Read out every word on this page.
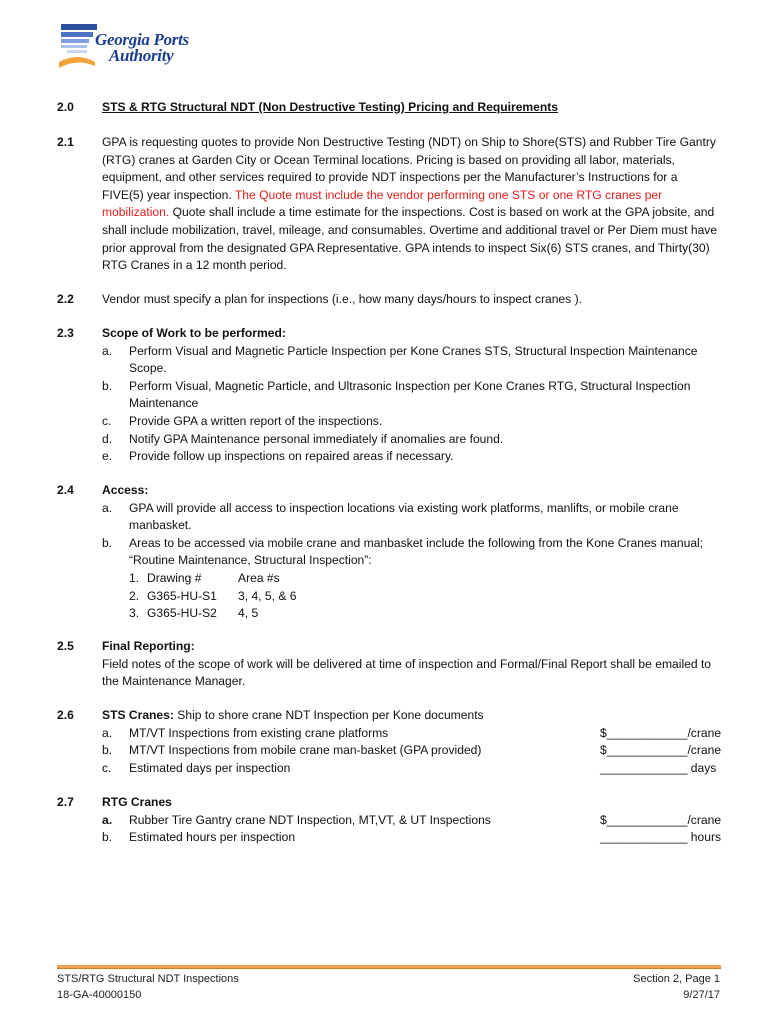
Georgia Ports
Authority
2.0 STS & RTG Structural NDT (Non Destructive Testing) Pricing and Requirements
2.1 GPA is requesting quotes to provide Non Destructive Testing (NDT) on Ship to Shore(STS) and Rubber Tire Gantry (RTG) cranes at Garden City or Ocean Terminal locations. Pricing is based on providing all labor, materials, equipment, and other services required to provide NDT inspections per the Manufacturer’s Instructions for a FIVE(5) year inspection. The Quote must include the vendor performing one STS or one RTG cranes per mobilization. Quote shall include a time estimate for the inspections. Cost is based on work at the GPA jobsite, and shall include mobilization, travel, mileage, and consumables. Overtime and additional travel or Per Diem must have prior approval from the designated GPA Representative. GPA intends to inspect Six(6) STS cranes, and Thirty(30) RTG Cranes in a 12 month period.
2.2 Vendor must specify a plan for inspections (i.e., how many days/hours to inspect cranes ).
2.3 Scope of Work to be performed:
a. Perform Visual and Magnetic Particle Inspection per Kone Cranes STS, Structural Inspection Maintenance Scope.
b. Perform Visual, Magnetic Particle, and Ultrasonic Inspection per Kone Cranes RTG, Structural Inspection Maintenance
c. Provide GPA a written report of the inspections.
d. Notify GPA Maintenance personal immediately if anomalies are found.
e. Provide follow up inspections on repaired areas if necessary.
2.4 Access:
a. GPA will provide all access to inspection locations via existing work platforms, manlifts, or mobile crane manbasket.
b. Areas to be accessed via mobile crane and manbasket include the following from the Kone Cranes manual; “Routine Maintenance, Structural Inspection”:
1. Drawing #	Area #s
2. G365-HU-S1 3, 4, 5, & 6
3. G365-HU-S2 4, 5
2.5 Final Reporting:
Field notes of the scope of work will be delivered at time of inspection and Formal/Final Report shall be emailed to the Maintenance Manager.
2.6 STS Cranes: Ship to shore crane NDT Inspection per Kone documents
a. MT/VT Inspections from existing crane platforms	$____________/crane
b. MT/VT Inspections from mobile crane man-basket (GPA provided)	$____________/crane
c. Estimated days per inspection	_____________ days
2.7 RTG Cranes
a. Rubber Tire Gantry crane NDT Inspection, MT,VT, & UT Inspections	$____________/crane
b. Estimated hours per inspection	_____________ hours
STS/RTG Structural NDT Inspections
18-GA-40000150
Section 2, Page 1
9/27/17
